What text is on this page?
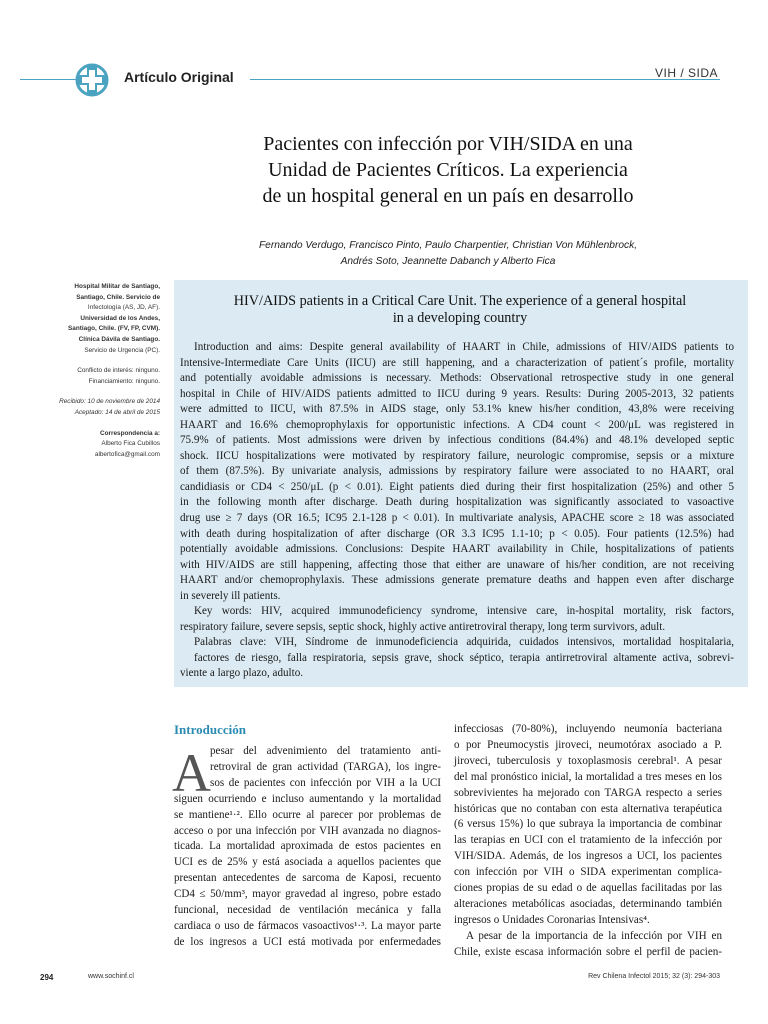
Artículo Original	VIH / SIDA
Pacientes con infección por VIH/SIDA en una
Unidad de Pacientes Críticos. La experiencia
de un hospital general en un país en desarrollo
Fernando Verdugo, Francisco Pinto, Paulo Charpentier, Christian Von Mühlenbrock,
Andrés Soto, Jeannette Dabanch y Alberto Fica
Hospital Militar de Santiago,
Santiago, Chile. Servicio de
Infectología (AS, JD, AF).
Universidad de los Andes,
Santiago, Chile. (FV, FP, CVM).
Clínica Dávila de Santiago.
Servicio de Urgencia (PC).
Conflicto de interés: ninguno.
Financiamiento: ninguno.
Recibido: 10 de noviembre de 2014
Aceptado: 14 de abril de 2015
Correspondencia a:
Alberto Fica Cubillos
albertofica@gmail.com
HIV/AIDS patients in a Critical Care Unit. The experience of a general hospital
in a developing country
Introduction and aims: Despite general availability of HAART in Chile, admissions of HIV/AIDS patients to
Intensive-Intermediate Care Units (IICU) are still happening, and a characterization of patient´s profile, mortality
and potentially avoidable admissions is necessary. Methods: Observational retrospective study in one general
hospital in Chile of HIV/AIDS patients admitted to IICU during 9 years. Results: During 2005-2013, 32 patients
were admitted to IICU, with 87.5% in AIDS stage, only 53.1% knew his/her condition, 43,8% were receiving
HAART and 16.6% chemoprophylaxis for opportunistic infections. A CD4 count < 200/μL was registered in
75.9% of patients. Most admissions were driven by infectious conditions (84.4%) and 48.1% developed septic
shock. IICU hospitalizations were motivated by respiratory failure, neurologic compromise, sepsis or a mixture
of them (87.5%). By univariate analysis, admissions by respiratory failure were associated to no HAART, oral
candidiasis or CD4 < 250/μL (p < 0.01). Eight patients died during their first hospitalization (25%) and other 5
in the following month after discharge. Death during hospitalization was significantly associated to vasoactive
drug use ≥ 7 days (OR 16.5; IC95 2.1-128 p < 0.01). In multivariate analysis, APACHE score ≥ 18 was associated
with death during hospitalization of after discharge (OR 3.3 IC95 1.1-10; p < 0.05). Four patients (12.5%) had
potentially avoidable admissions. Conclusions: Despite HAART availability in Chile, hospitalizations of patients
with HIV/AIDS are still happening, affecting those that either are unaware of his/her condition, are not receiving
HAART and/or chemoprophylaxis. These admissions generate premature deaths and happen even after discharge
in severely ill patients.
Key words: HIV, acquired immunodeficiency syndrome, intensive care, in-hospital mortality, risk factors,
respiratory failure, severe sepsis, septic shock, highly active antiretroviral therapy, long term survivors, adult.
Palabras clave: VIH, Síndrome de inmunodeficiencia adquirida, cuidados intensivos, mortalidad hospitalaria,
factores de riesgo, falla respiratoria, sepsis grave, shock séptico, terapia antirretroviral altamente activa, sobrevi-
viente a largo plazo, adulto.
Introducción
A pesar del advenimiento del tratamiento anti-
retroviral de gran actividad (TARGA), los ingre-
sos de pacientes con infección por VIH a la UCI
siguen ocurriendo e incluso aumentando y la mortalidad
se mantiene¹·². Ello ocurre al parecer por problemas de
acceso o por una infección por VIH avanzada no diagnos-
ticada. La mortalidad aproximada de estos pacientes en
UCI es de 25% y está asociada a aquellos pacientes que
presentan antecedentes de sarcoma de Kaposi, recuento
CD4 ≤ 50/mm³, mayor gravedad al ingreso, pobre estado
funcional, necesidad de ventilación mecánica y falla
cardiaca o uso de fármacos vasoactivos¹·³. La mayor parte
de los ingresos a UCI está motivada por enfermedades
infecciosas (70-80%), incluyendo neumonía bacteriana
o por Pneumocystis jiroveci, neumotórax asociado a P.
jiroveci, tuberculosis y toxoplasmosis cerebral¹. A pesar
del mal pronóstico inicial, la mortalidad a tres meses en los
sobrevivientes ha mejorado con TARGA respecto a series
históricas que no contaban con esta alternativa terapéutica
(6 versus 15%) lo que subraya la importancia de combinar
las terapias en UCI con el tratamiento de la infección por
VIH/SIDA. Además, de los ingresos a UCI, los pacientes
con infección por VIH o SIDA experimentan complica-
ciones propias de su edad o de aquellas facilitadas por las
alteraciones metabólicas asociadas, determinando también
ingresos o Unidades Coronarias Intensivas⁴.
A pesar de la importancia de la infección por VIH en
Chile, existe escasa información sobre el perfil de pacien-
294	www.sochinf.cl	Rev Chilena Infectol 2015; 32 (3): 294-303
